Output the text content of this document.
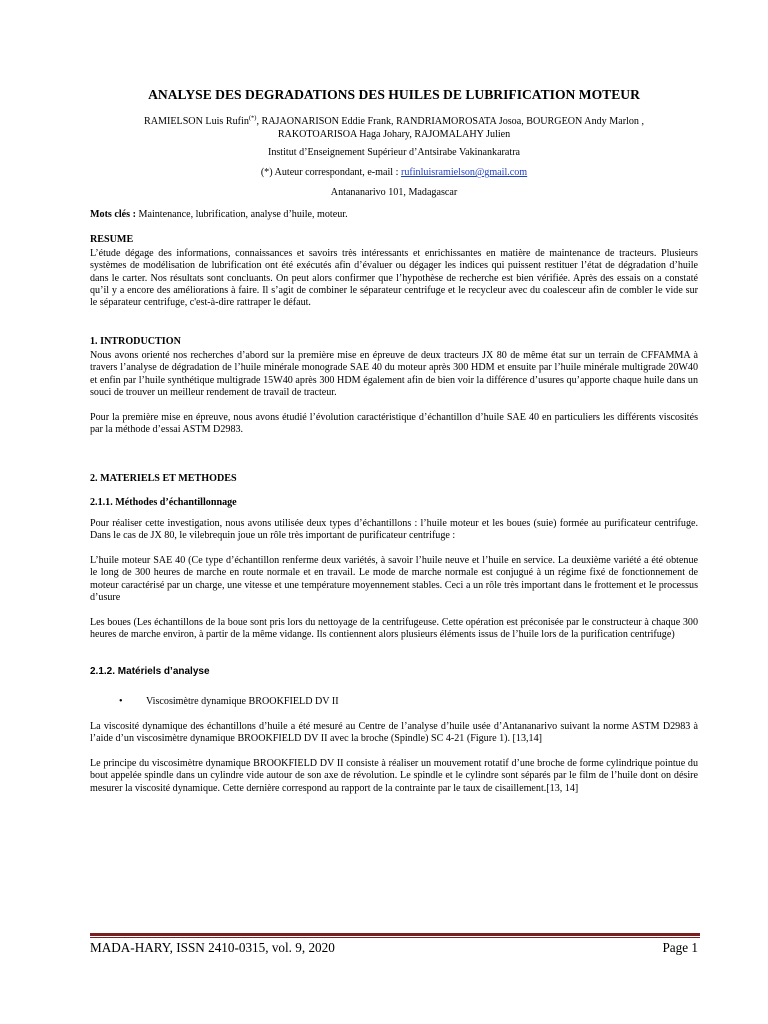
ANALYSE DES DEGRADATIONS DES HUILES DE LUBRIFICATION MOTEUR

RAMIELSON Luis Rufin(*), RAJAONARISON Eddie Frank, RANDRIAMOROSATA Josoa, BOURGEON Andy Marlon ,
RAKOTOARISOA Haga Johary, RAJOMALAHY Julien

Institut d’Enseignement Supérieur d’Antsirabe Vakinankaratra

(*) Auteur correspondant, e-mail : rufinluisramielson@gmail.com

Antananarivo 101, Madagascar

Mots clés : Maintenance, lubrification, analyse d’huile, moteur.

RESUME

L’étude dégage des informations, connaissances et savoirs très intéressants et enrichissantes en matière de maintenance de tracteurs. Plusieurs systèmes de modélisation de lubrification ont été exécutés afin d’évaluer ou dégager les indices qui puissent restituer l’état de dégradation d’huile dans le carter. Nos résultats sont concluants. On peut alors confirmer que l’hypothèse de recherche est bien vérifiée. Après des essais on a constaté qu’il y a encore des améliorations à faire. Il s’agit de combiner le séparateur centrifuge et le recycleur avec du coalesceur afin de combler le vide sur le séparateur centrifuge, c'est-à-dire rattraper le défaut.

1. INTRODUCTION

Nous avons orienté nos recherches d’abord sur la première mise en épreuve de deux tracteurs JX 80 de même état sur un terrain de CFFAMMA à travers l’analyse de dégradation de l’huile minérale monograde SAE 40 du moteur après 300 HDM et ensuite par l’huile minérale multigrade 20W40 et enfin par l’huile synthétique multigrade 15W40 après 300 HDM également afin de bien voir la différence d’usures qu’apporte chaque huile dans un souci de trouver un meilleur rendement de travail de tracteur.

Pour la première mise en épreuve, nous avons étudié l’évolution caractéristique d’échantillon d’huile SAE 40 en particuliers les différents viscosités par la méthode d’essai ASTM D2983.

2. MATERIELS ET METHODES

2.1.1. Méthodes d’échantillonnage

Pour réaliser cette investigation, nous avons utilisée deux types d’échantillons : l’huile moteur et les boues (suie) formée au purificateur centrifuge. Dans le cas de JX 80, le vilebrequin joue un rôle très important de purificateur centrifuge :

L’huile moteur SAE 40 (Ce type d’échantillon renferme deux variétés, à savoir l’huile neuve et l’huile en service. La deuxième variété a été obtenue le long de 300 heures de marche en route normale et en travail. Le mode de marche normale est conjugué à un régime fixé de fonctionnement de moteur caractérisé par un charge, une vitesse et une température moyennement stables. Ceci a un rôle très important dans le frottement et le processus d’usure

Les boues (Les échantillons de la boue sont pris lors du nettoyage de la centrifugeuse. Cette opération est préconisée par le constructeur à chaque 300 heures de marche environ, à partir de la même vidange. Ils contiennent alors plusieurs éléments issus de l’huile lors de la purification centrifuge)

2.1.2. Matériels d’analyse

•	Viscosimètre dynamique BROOKFIELD DV II

La viscosité dynamique des échantillons d’huile a été mesuré au Centre de l’analyse d’huile usée d’Antananarivo suivant la norme ASTM D2983 à l’aide d’un viscosimètre dynamique BROOKFIELD DV II avec la broche (Spindle) SC 4-21 (Figure 1). [13,14]

Le principe du viscosimètre dynamique BROOKFIELD DV II consiste à réaliser un mouvement rotatif d’une broche de forme cylindrique pointue du bout appelée spindle dans un cylindre vide autour de son axe de révolution. Le spindle et le cylindre sont séparés par le film de l’huile dont on désire mesurer la viscosité dynamique. Cette dernière correspond au rapport de la contrainte par le taux de cisaillement.[13, 14]

MADA-HARY, ISSN 2410-0315, vol. 9, 2020	Page 1
